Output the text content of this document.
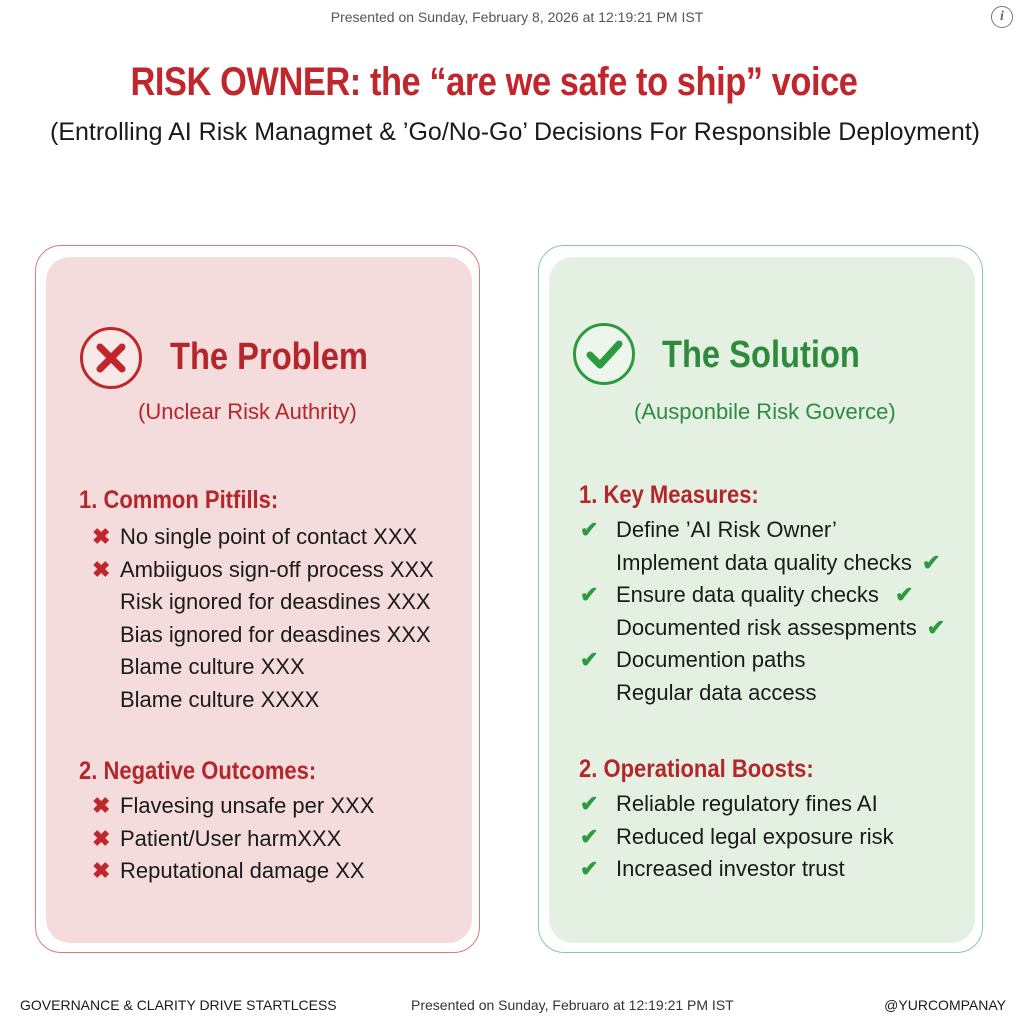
Presented on Sunday, February 8, 2026 at 12:19:21 PM IST	i
RISK OWNER: the “are we safe to ship” voice
(Entrolling AI Risk Managmet & ’Go/No-Go’ Decisions For Responsible Deployment)
The Problem
(Unclear Risk Authrity)
1. Common Pitfills:
✖ No single point of contact XXX
✖ Ambiiguos sign-off process XXX
Risk ignored for deasdines XXX
Bias ignored for deasdines XXX
Blame culture XXX
Blame culture XXXX
2. Negative Outcomes:
✖ Flavesing unsafe per XXX
✖ Patient/User harmXXX
✖ Reputational damage XX
The Solution
(Ausponbile Risk Goverce)
1. Key Measures:
✔ Define ’AI Risk Owner’
Implement data quality checks ✔
✔ Ensure data quality checks ✔
Documented risk assespments ✔
✔ Documention paths
Regular data access
2. Operational Boosts:
✔ Reliable regulatory fines AI
✔ Reduced legal exposure risk
✔ Increased investor trust
GOVERNANCE & CLARITY DRIVE STARTLCESS	Presented on Sunday, Februaro at 12:19:21 PM IST	@YURCOMPANAY
